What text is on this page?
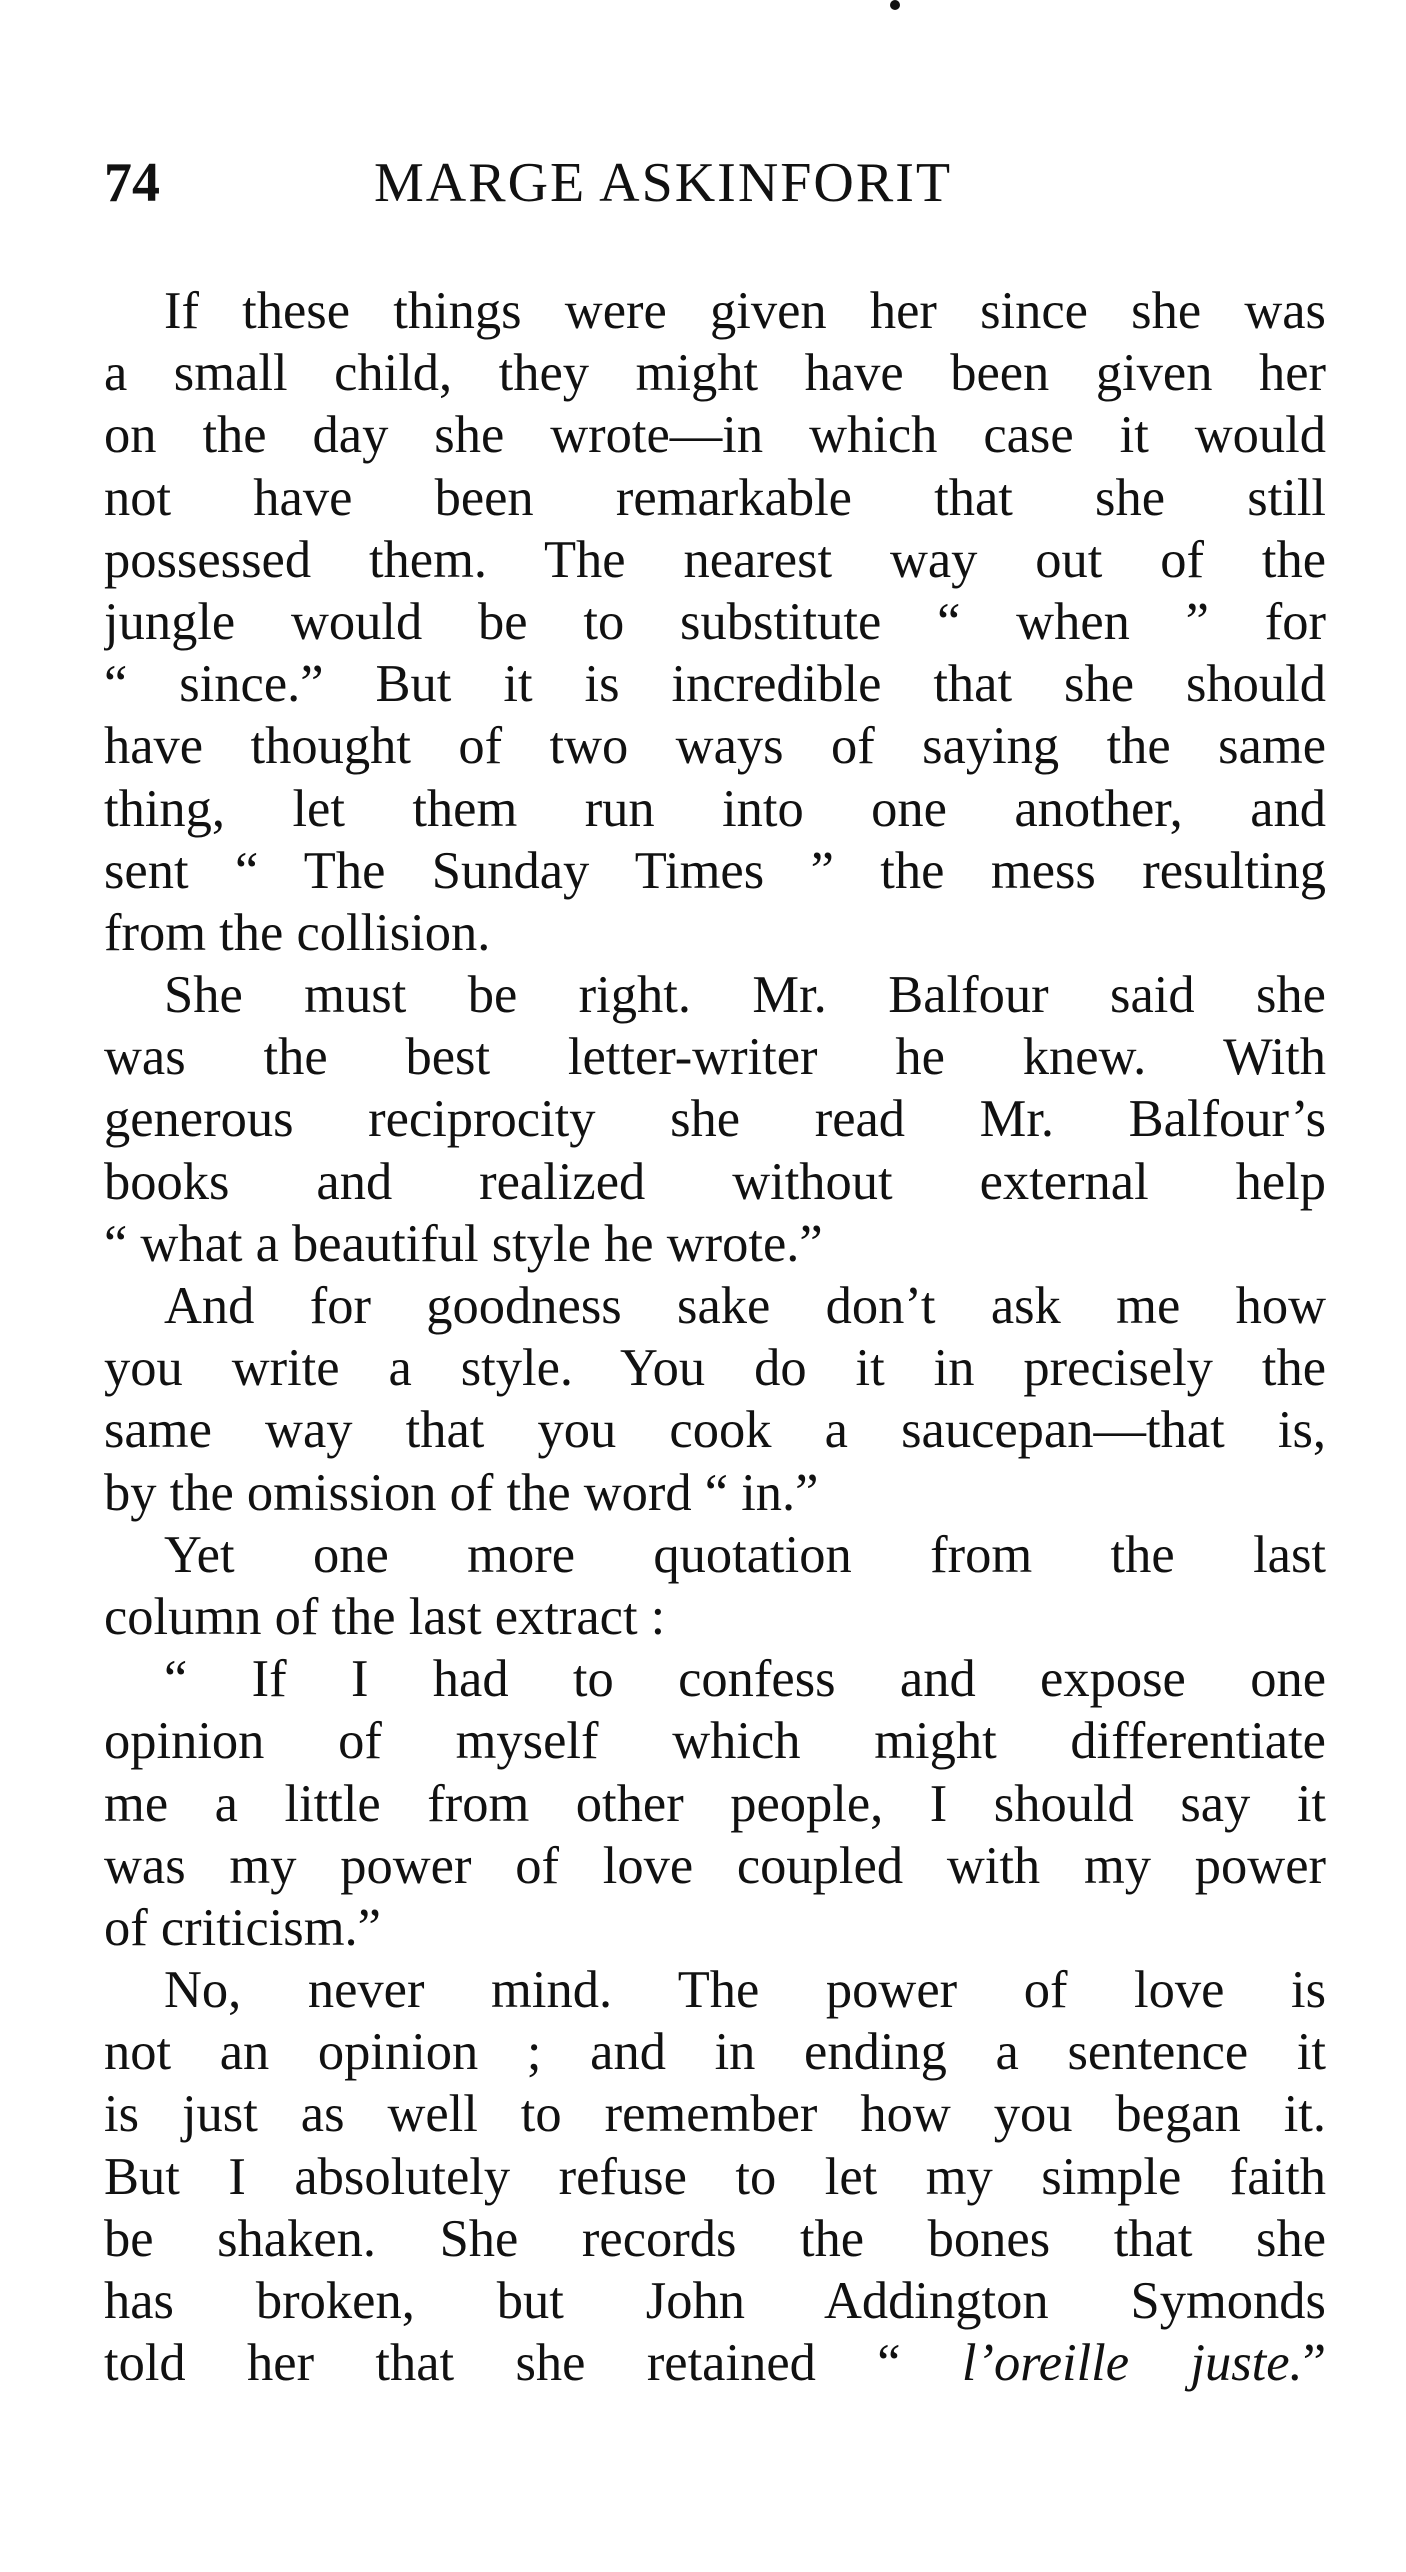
74	MARGE ASKINFORIT
If these things were given her since she was
a small child, they might have been given her
on the day she wrote—in which case it would
not have been remarkable that she still
possessed them. The nearest way out of the
jungle would be to substitute “ when ” for
“ since.” But it is incredible that she should
have thought of two ways of saying the same
thing, let them run into one another, and
sent “ The Sunday Times ” the mess resulting
from the collision.
She must be right. Mr. Balfour said she
was the best letter-writer he knew. With
generous reciprocity she read Mr. Balfour’s
books and realized without external help
“ what a beautiful style he wrote.”
And for goodness sake don’t ask me how
you write a style. You do it in precisely the
same way that you cook a saucepan—that is,
by the omission of the word “ in.”
Yet one more quotation from the last
column of the last extract :
“ If I had to confess and expose one
opinion of myself which might differentiate
me a little from other people, I should say it
was my power of love coupled with my power
of criticism.”
No, never mind. The power of love is
not an opinion ; and in ending a sentence it
is just as well to remember how you began it.
But I absolutely refuse to let my simple faith
be shaken. She records the bones that she
has broken, but John Addington Symonds
told her that she retained “ l’oreille juste.”
